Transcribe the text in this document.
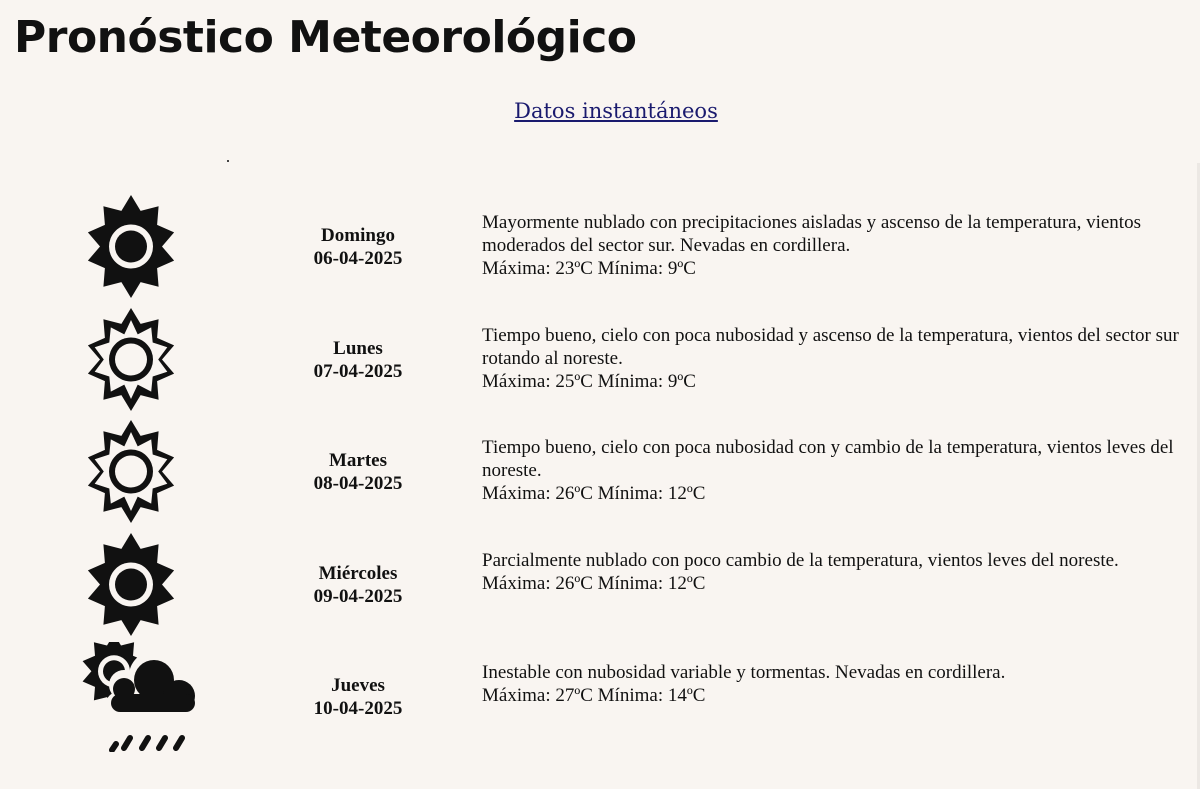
Pronóstico Meteorológico
Datos instantáneos
Domingo
06-04-2025
Mayormente nublado con precipitaciones aisladas y ascenso de la temperatura, vientos moderados del sector sur. Nevadas en cordillera.
Máxima: 23ºC Mínima: 9ºC
Lunes
07-04-2025
Tiempo bueno, cielo con poca nubosidad y ascenso de la temperatura, vientos del sector sur rotando al noreste.
Máxima: 25ºC Mínima: 9ºC
Martes
08-04-2025
Tiempo bueno, cielo con poca nubosidad con y cambio de la temperatura, vientos leves del noreste.
Máxima: 26ºC Mínima: 12ºC
Miércoles
09-04-2025
Parcialmente nublado con poco cambio de la temperatura, vientos leves del noreste.
Máxima: 26ºC Mínima: 12ºC
Jueves
10-04-2025
Inestable con nubosidad variable y tormentas. Nevadas en cordillera.
Máxima: 27ºC Mínima: 14ºC
